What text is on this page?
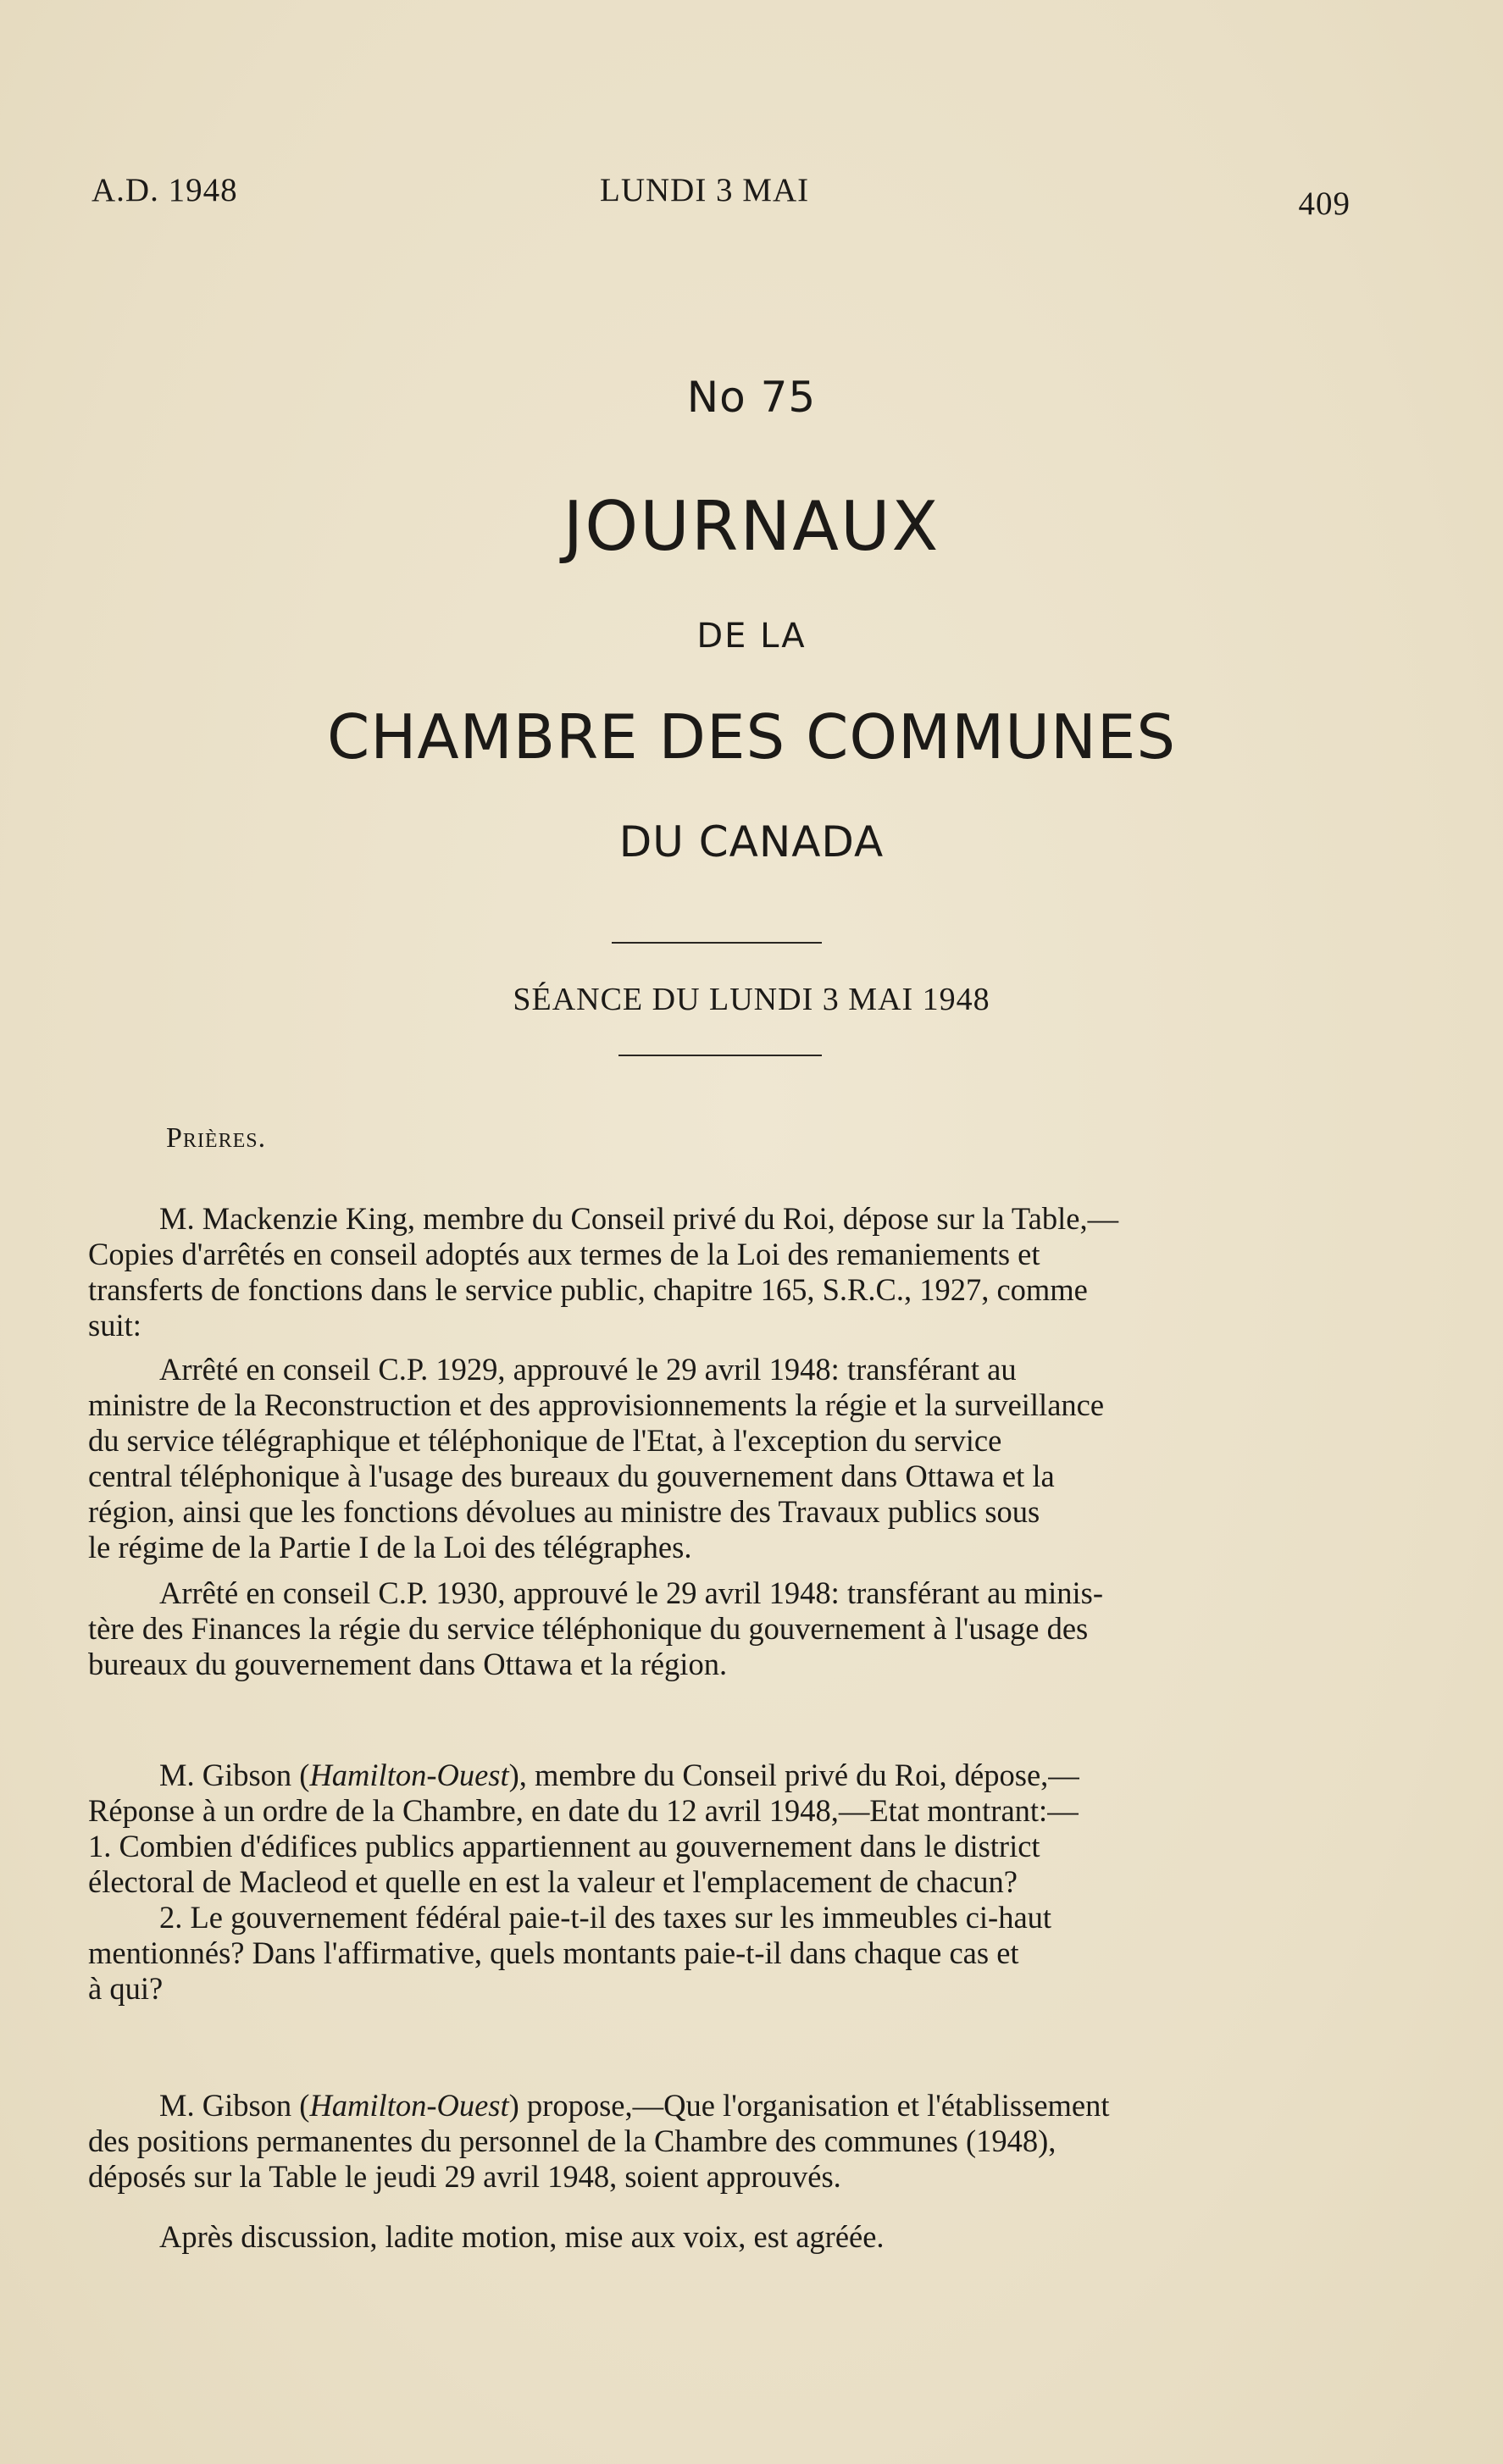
A.D. 1948	LUNDI 3 MAI	409
No 75
JOURNAUX
DE LA
CHAMBRE DES COMMUNES
DU CANADA
SÉANCE DU LUNDI 3 MAI 1948
Prières.
M. Mackenzie King, membre du Conseil privé du Roi, dépose sur la Table,—
Copies d'arrêtés en conseil adoptés aux termes de la Loi des remaniements et
transferts de fonctions dans le service public, chapitre 165, S.R.C., 1927, comme
suit:
Arrêté en conseil C.P. 1929, approuvé le 29 avril 1948: transférant au
ministre de la Reconstruction et des approvisionnements la régie et la surveillance
du service télégraphique et téléphonique de l'Etat, à l'exception du service
central téléphonique à l'usage des bureaux du gouvernement dans Ottawa et la
région, ainsi que les fonctions dévolues au ministre des Travaux publics sous
le régime de la Partie I de la Loi des télégraphes.
Arrêté en conseil C.P. 1930, approuvé le 29 avril 1948: transférant au minis-
tère des Finances la régie du service téléphonique du gouvernement à l'usage des
bureaux du gouvernement dans Ottawa et la région.
M. Gibson (Hamilton-Ouest), membre du Conseil privé du Roi, dépose,—
Réponse à un ordre de la Chambre, en date du 12 avril 1948,—Etat montrant:—
1. Combien d'édifices publics appartiennent au gouvernement dans le district
électoral de Macleod et quelle en est la valeur et l'emplacement de chacun?
2. Le gouvernement fédéral paie-t-il des taxes sur les immeubles ci-haut
mentionnés? Dans l'affirmative, quels montants paie-t-il dans chaque cas et
à qui?
M. Gibson (Hamilton-Ouest) propose,—Que l'organisation et l'établissement
des positions permanentes du personnel de la Chambre des communes (1948),
déposés sur la Table le jeudi 29 avril 1948, soient approuvés.
Après discussion, ladite motion, mise aux voix, est agréée.
